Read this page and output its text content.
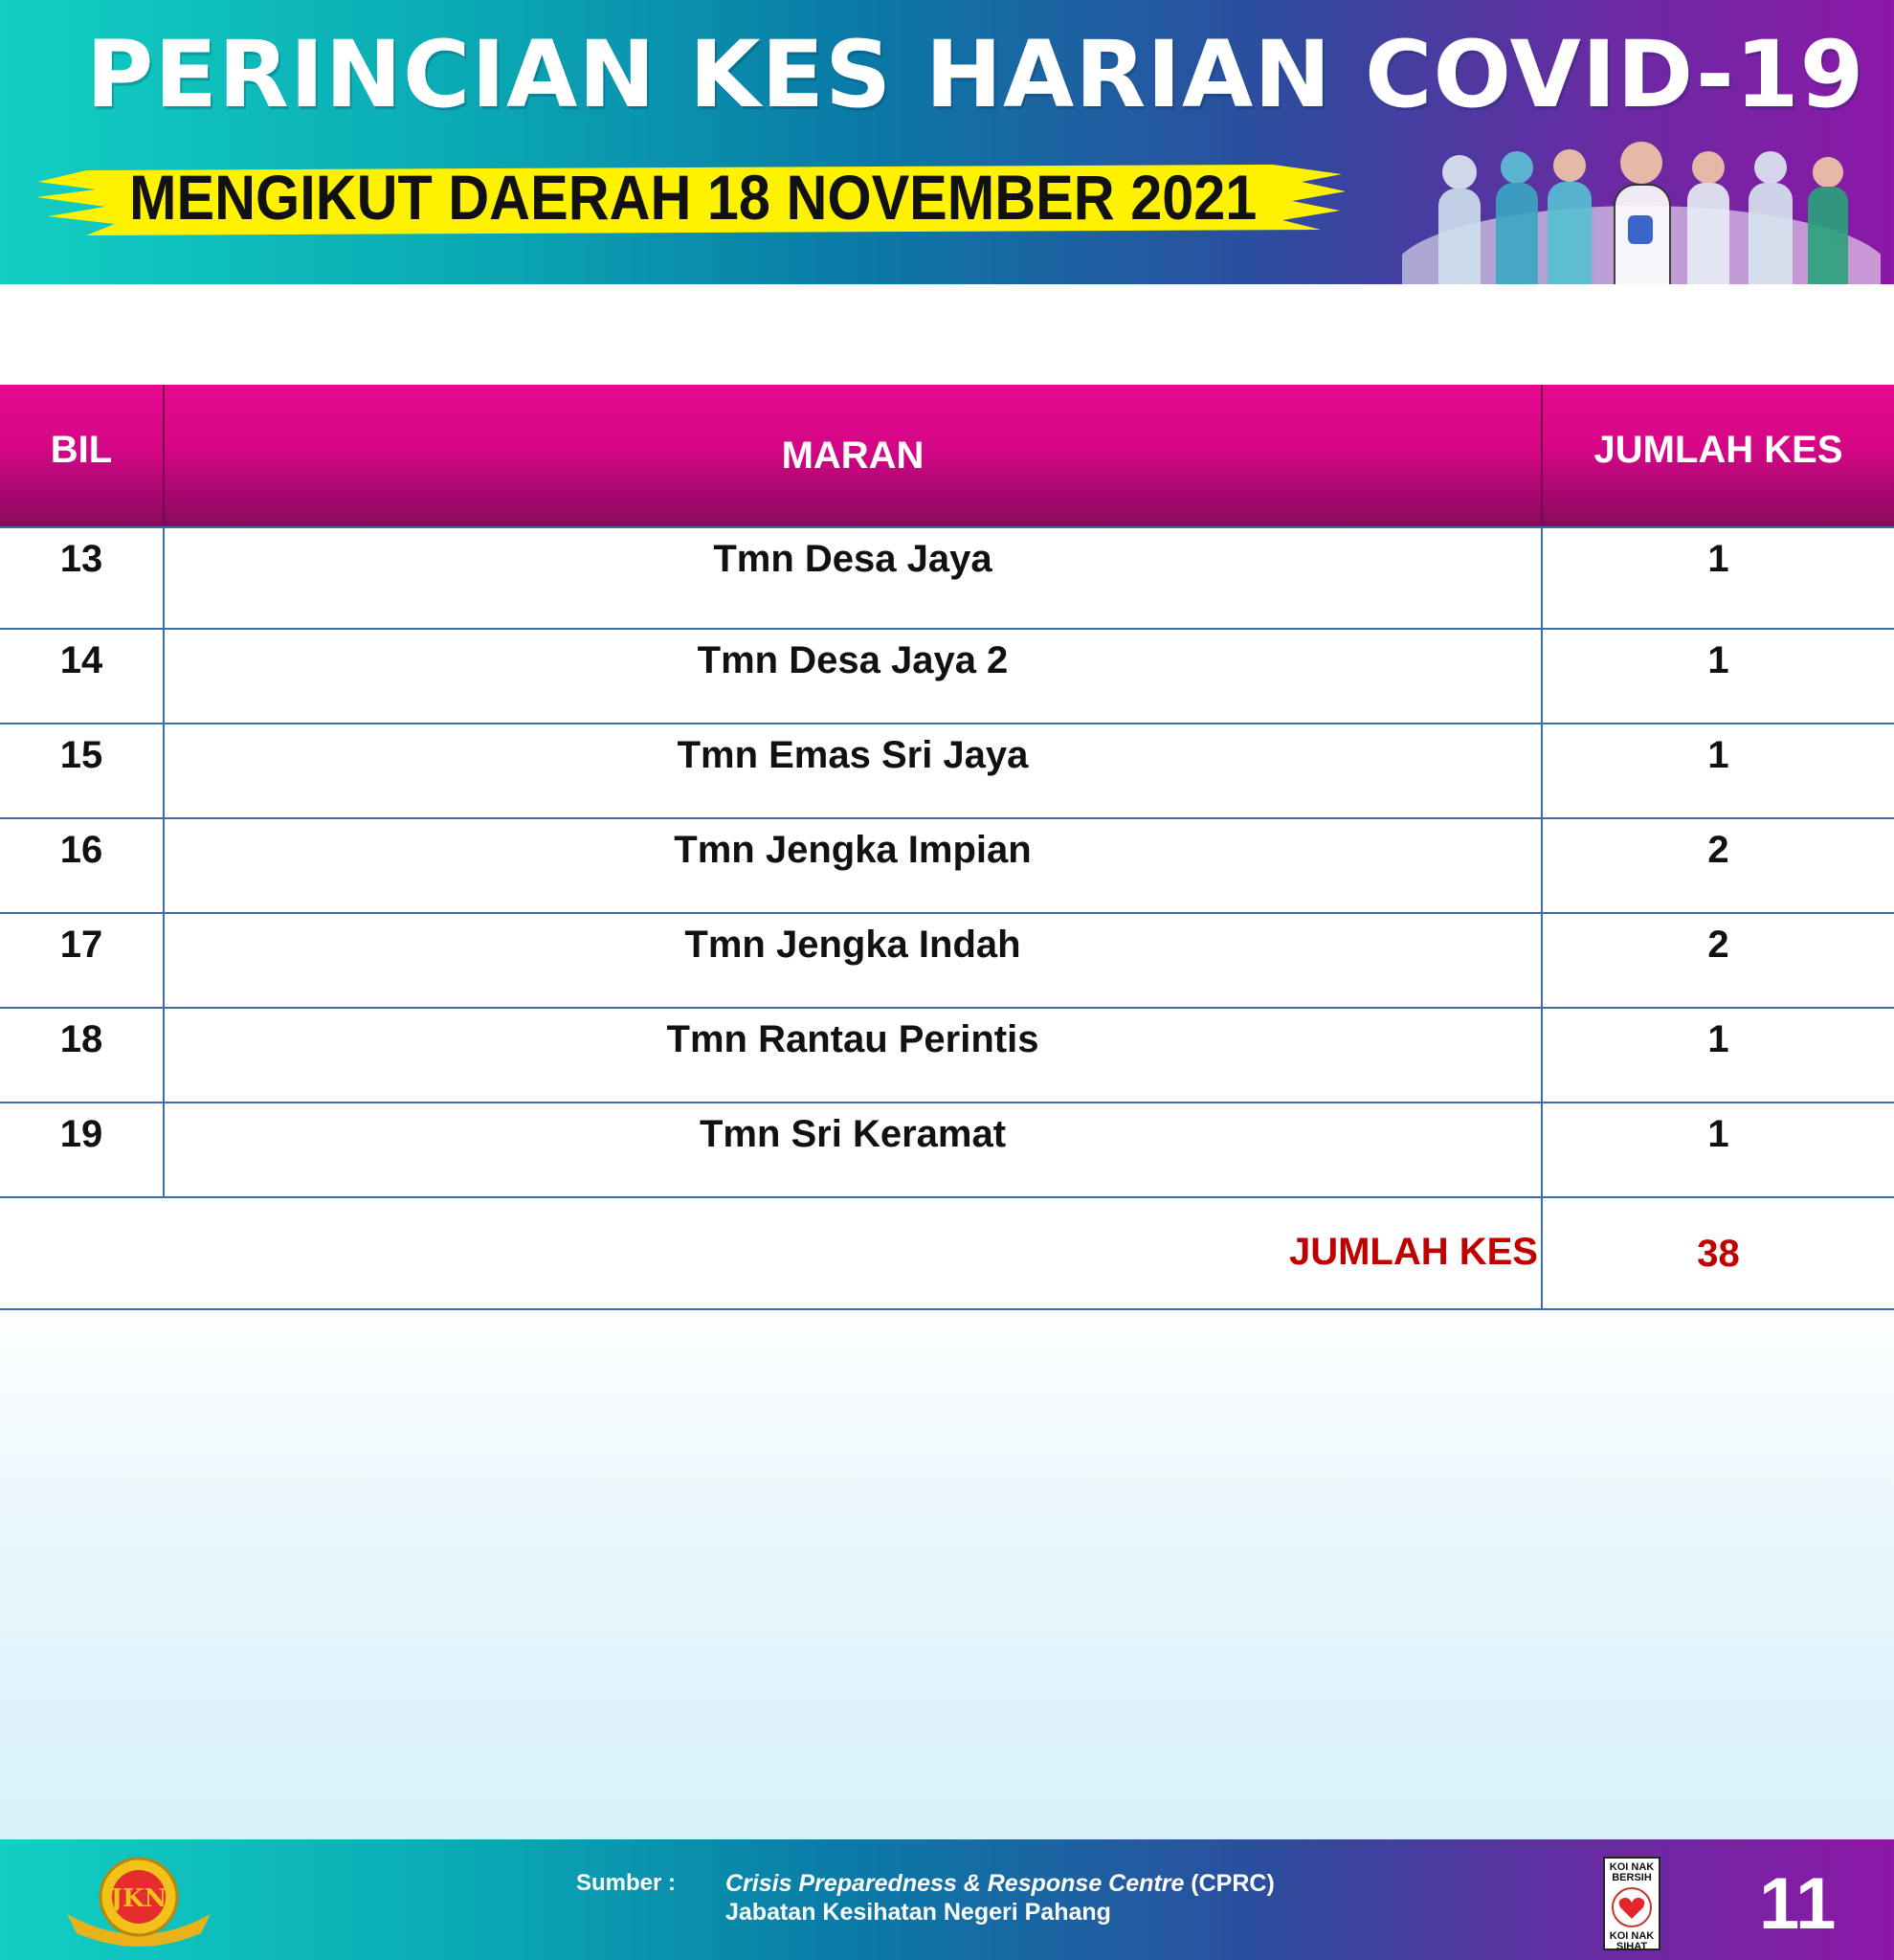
PERINCIAN KES HARIAN COVID-19
MENGIKUT DAERAH 18 NOVEMBER 2021
BIL	MARAN	JUMLAH KES
13	Tmn Desa Jaya	1
14	Tmn Desa Jaya 2	1
15	Tmn Emas Sri Jaya	1
16	Tmn Jengka Impian	2
17	Tmn Jengka Indah	2
18	Tmn Rantau Perintis	1
19	Tmn Sri Keramat	1
JUMLAH KES	38
JKN
Sumber : Crisis Preparedness & Response Centre (CPRC)
Jabatan Kesihatan Negeri Pahang
KOI NAK BERSIH
KOI NAK SIHAT
11
